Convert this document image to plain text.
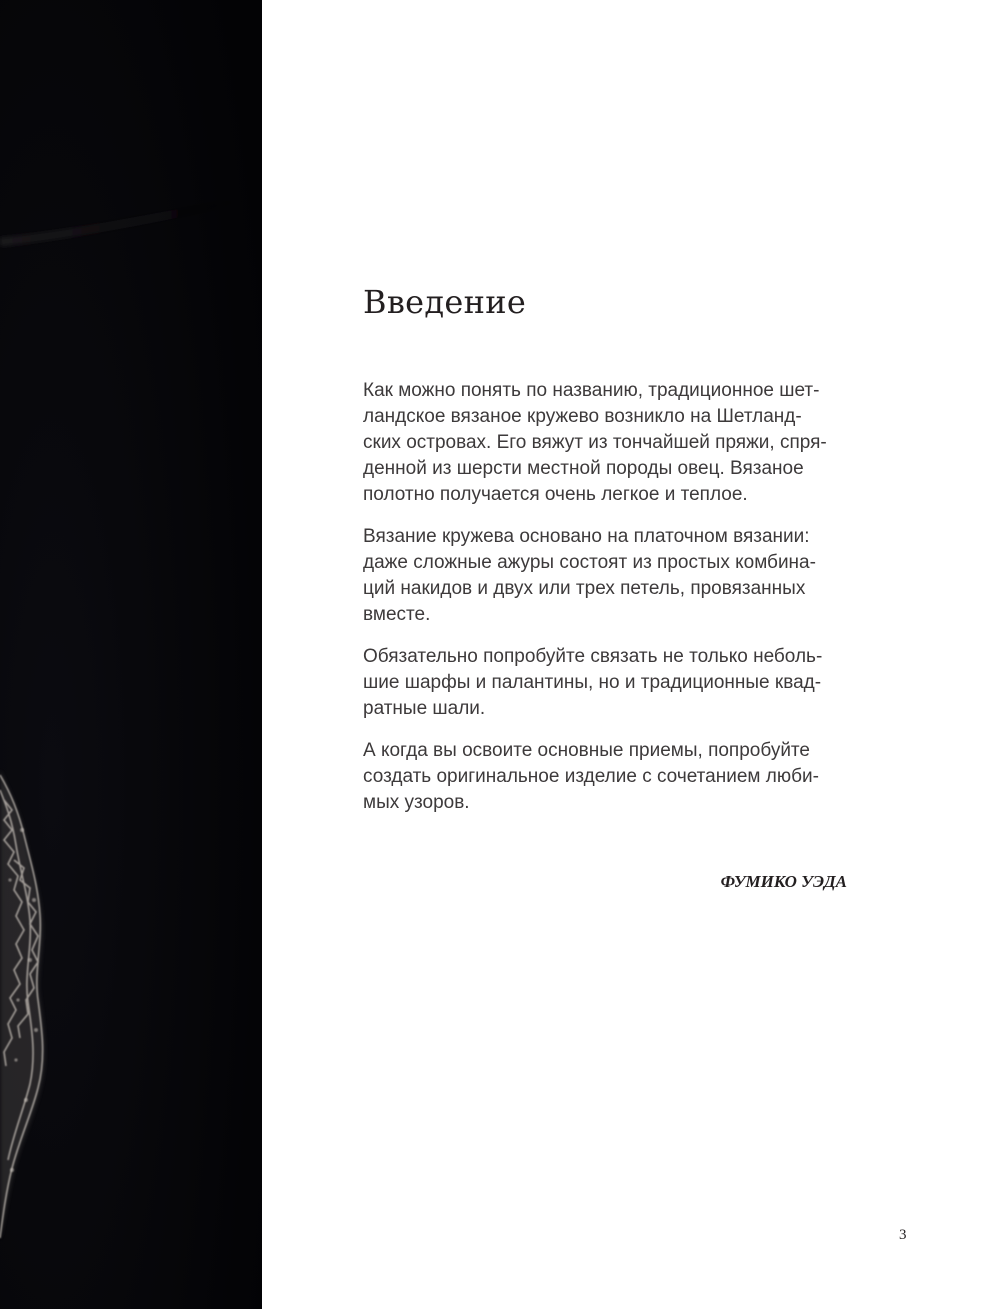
Введение

Как можно понять по названию, традиционное шет-
ландское вязаное кружево возникло на Шетланд-
ских островах. Его вяжут из тончайшей пряжи, спря-
денной из шерсти местной породы овец. Вязаное
полотно получается очень легкое и теплое.

Вязание кружева основано на платочном вязании:
даже сложные ажуры состоят из простых комбина-
ций накидов и двух или трех петель, провязанных
вместе.

Обязательно попробуйте связать не только неболь-
шие шарфы и палантины, но и традиционные квад-
ратные шали.

А когда вы освоите основные приемы, попробуйте
создать оригинальное изделие с сочетанием люби-
мых узоров.

ФУМИКО УЭДА
3
